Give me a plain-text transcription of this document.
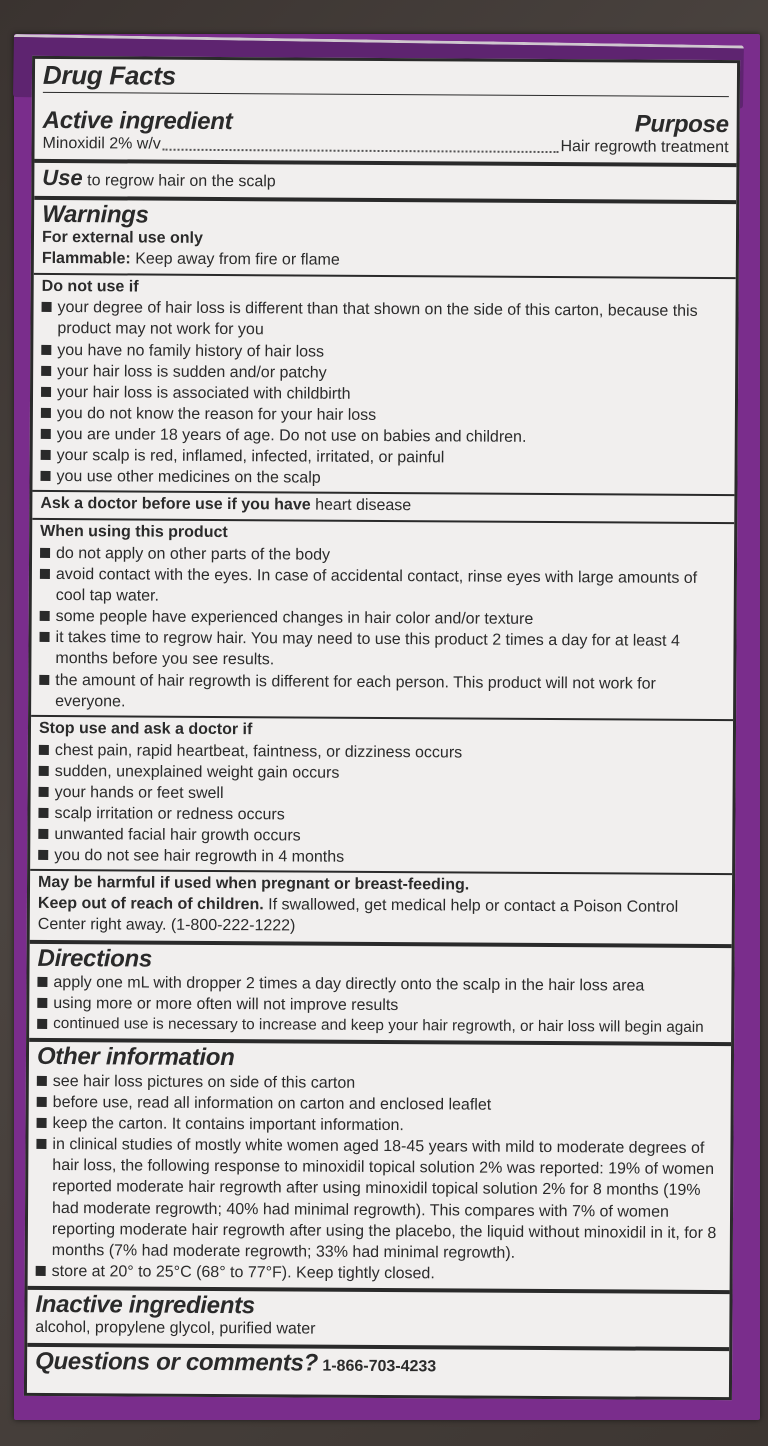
Drug Facts
Active ingredient	Purpose
Minoxidil 2% w/v	Hair regrowth treatment
Use to regrow hair on the scalp
Warnings
For external use only
Flammable: Keep away from fire or flame
Do not use if
your degree of hair loss is different than that shown on the side of this carton, because this product may not work for you
you have no family history of hair loss
your hair loss is sudden and/or patchy
your hair loss is associated with childbirth
you do not know the reason for your hair loss
you are under 18 years of age. Do not use on babies and children.
your scalp is red, inflamed, infected, irritated, or painful
you use other medicines on the scalp
Ask a doctor before use if you have heart disease
When using this product
do not apply on other parts of the body
avoid contact with the eyes. In case of accidental contact, rinse eyes with large amounts of cool tap water.
some people have experienced changes in hair color and/or texture
it takes time to regrow hair. You may need to use this product 2 times a day for at least 4 months before you see results.
the amount of hair regrowth is different for each person. This product will not work for everyone.
Stop use and ask a doctor if
chest pain, rapid heartbeat, faintness, or dizziness occurs
sudden, unexplained weight gain occurs
your hands or feet swell
scalp irritation or redness occurs
unwanted facial hair growth occurs
you do not see hair regrowth in 4 months
May be harmful if used when pregnant or breast-feeding.
Keep out of reach of children. If swallowed, get medical help or contact a Poison Control Center right away. (1-800-222-1222)
Directions
apply one mL with dropper 2 times a day directly onto the scalp in the hair loss area
using more or more often will not improve results
continued use is necessary to increase and keep your hair regrowth, or hair loss will begin again
Other information
see hair loss pictures on side of this carton
before use, read all information on carton and enclosed leaflet
keep the carton. It contains important information.
in clinical studies of mostly white women aged 18-45 years with mild to moderate degrees of hair loss, the following response to minoxidil topical solution 2% was reported: 19% of women reported moderate hair regrowth after using minoxidil topical solution 2% for 8 months (19% had moderate regrowth; 40% had minimal regrowth). This compares with 7% of women reporting moderate hair regrowth after using the placebo, the liquid without minoxidil in it, for 8 months (7% had moderate regrowth; 33% had minimal regrowth).
store at 20° to 25°C (68° to 77°F). Keep tightly closed.
Inactive ingredients
alcohol, propylene glycol, purified water
Questions or comments? 1-866-703-4233
